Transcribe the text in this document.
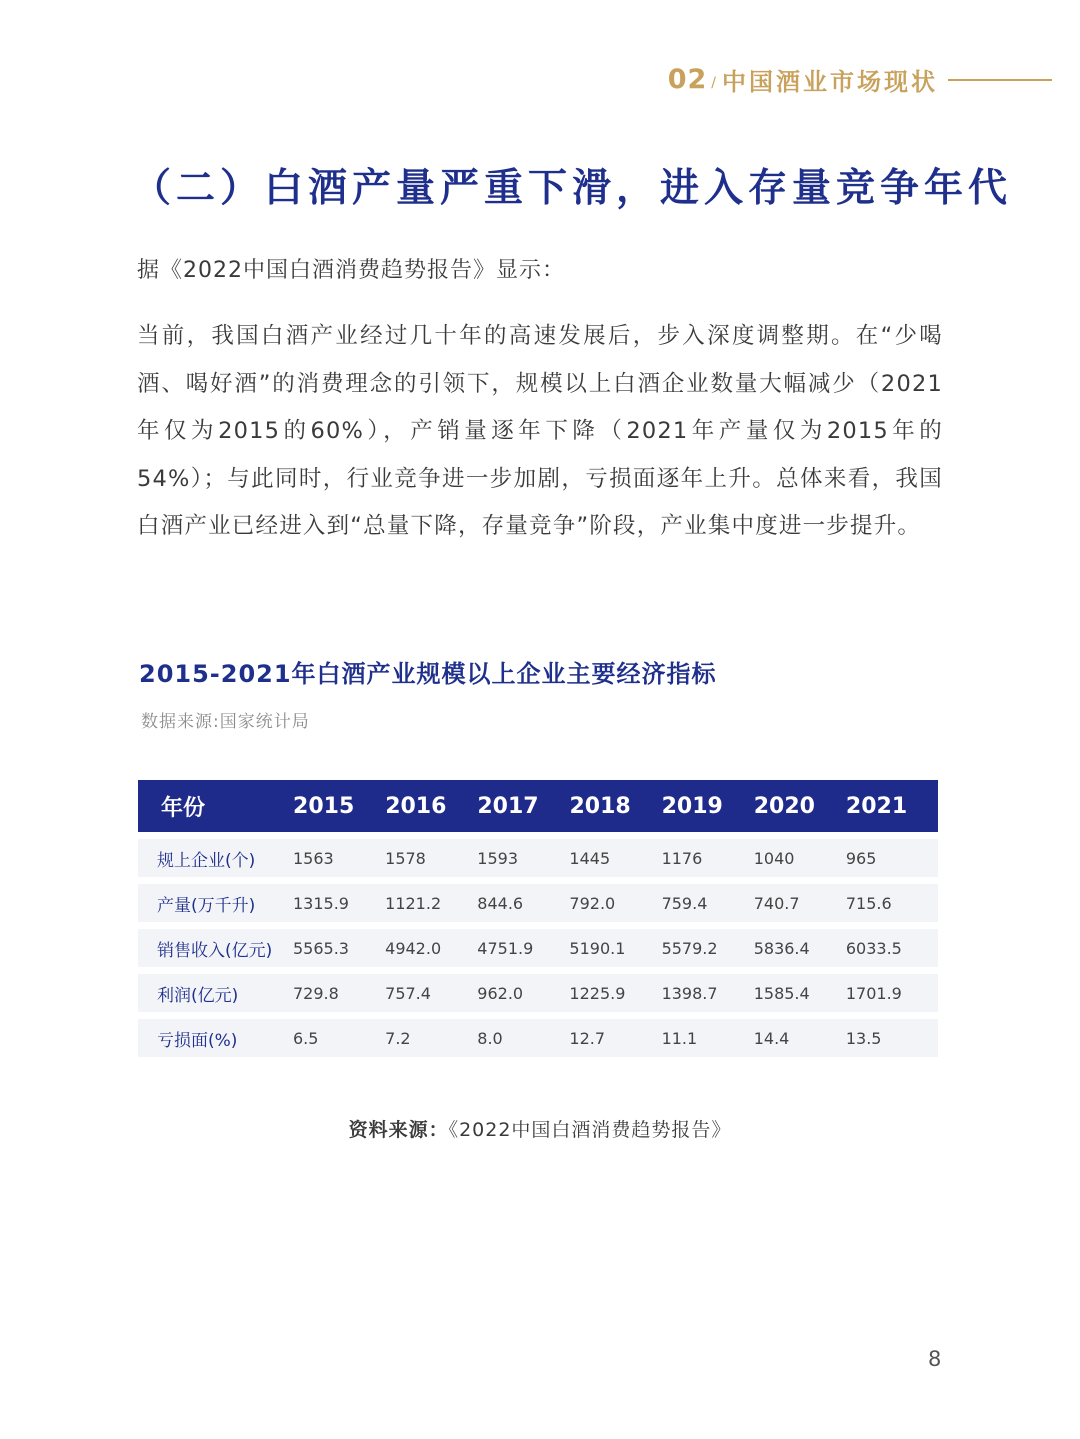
02 / 中国酒业市场现状
（二）白酒产量严重下滑，进入存量竞争年代
据《2022中国白酒消费趋势报告》显示：
当前，我国白酒产业经过几十年的高速发展后，步入深度调整期。在“少喝酒、喝好酒”的消费理念的引领下，规模以上白酒企业数量大幅减少（2021年仅为2015的60%），产销量逐年下降（2021年产量仅为2015年的54%）；与此同时，行业竞争进一步加剧，亏损面逐年上升。总体来看，我国白酒产业已经进入到“总量下降，存量竞争”阶段，产业集中度进一步提升。
2015-2021年白酒产业规模以上企业主要经济指标
数据来源:国家统计局
年份	2015	2016	2017	2018	2019	2020	2021
规上企业(个)	1563	1578	1593	1445	1176	1040	965
产量(万千升)	1315.9	1121.2	844.6	792.0	759.4	740.7	715.6
销售收入(亿元)	5565.3	4942.0	4751.9	5190.1	5579.2	5836.4	6033.5
利润(亿元)	729.8	757.4	962.0	1225.9	1398.7	1585.4	1701.9
亏损面(%)	6.5	7.2	8.0	12.7	11.1	14.4	13.5
资料来源：《2022中国白酒消费趋势报告》
8
